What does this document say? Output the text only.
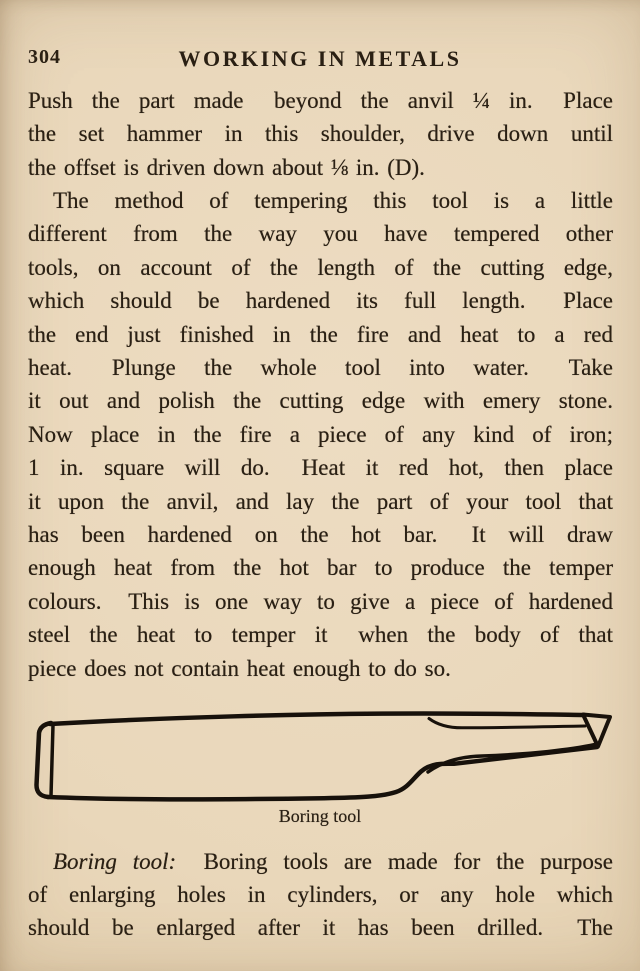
304	WORKING IN METALS
Push the part made  beyond the anvil ¼ in.  Place
the set hammer in this shoulder, drive down until
the offset is driven down about ⅛ in. (D).
The method of tempering this tool is a little
different from the way you have tempered other
tools, on account of the length of the cutting edge,
which should be hardened its full length.  Place
the end just finished in the fire and heat to a red
heat.  Plunge the whole tool into water.  Take
it out and polish the cutting edge with emery stone.
Now place in the fire a piece of any kind of iron;
1 in. square will do.  Heat it red hot, then place
it upon the anvil, and lay the part of your tool that
has been hardened on the hot bar.  It will draw
enough heat from the hot bar to produce the temper
colours.  This is one way to give a piece of hardened
steel the heat to temper it  when the body of that
piece does not contain heat enough to do so.
Boring tool
Boring tool:  Boring tools are made for the purpose
of enlarging holes in cylinders, or any hole which
should be enlarged after it has been drilled.  The
